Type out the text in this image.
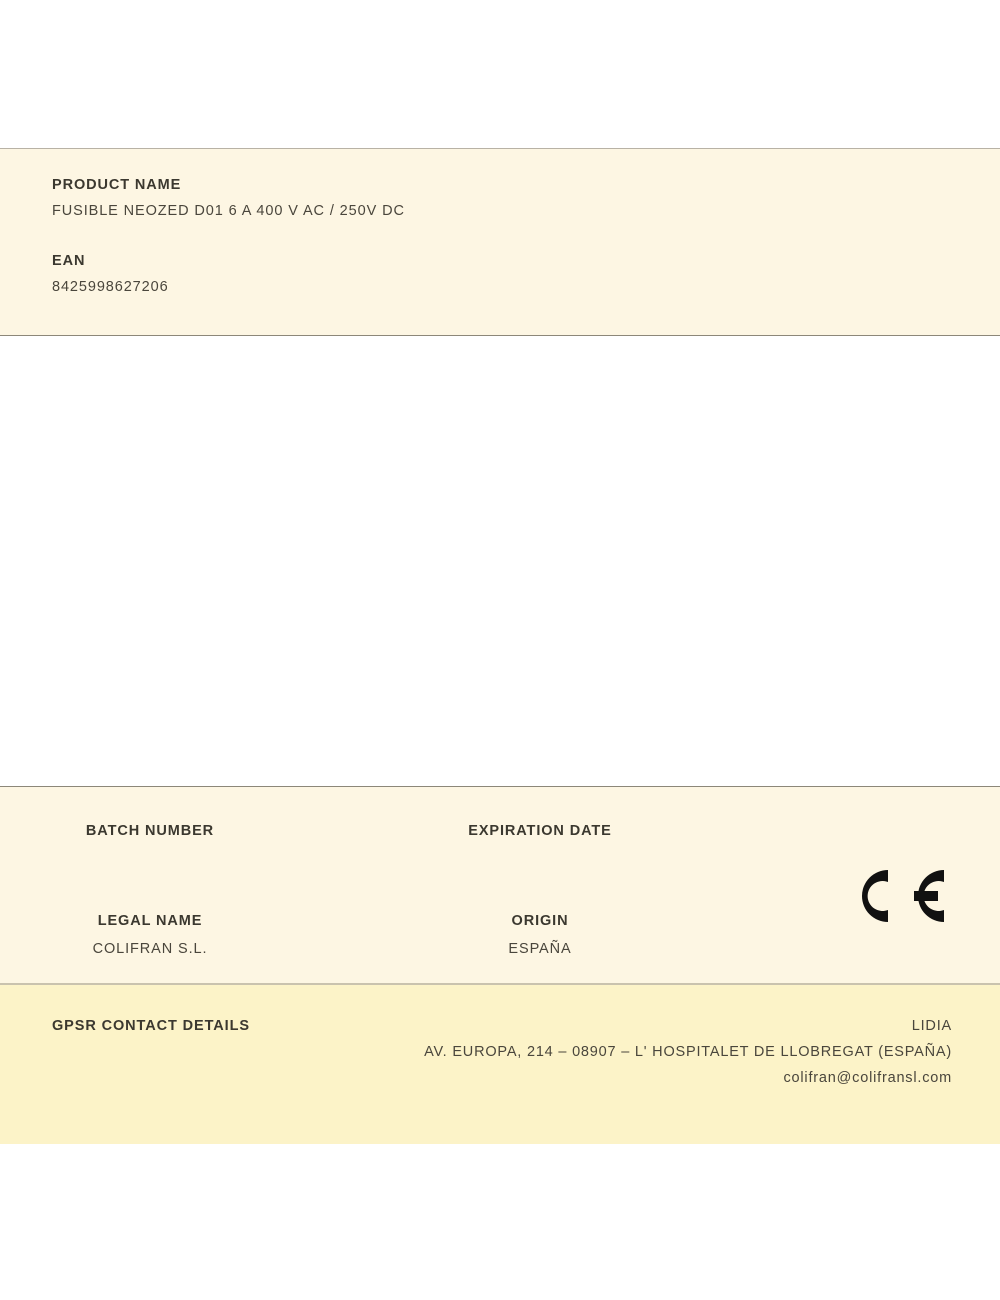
PRODUCT NAME
FUSIBLE NEOZED D01 6 A 400 V AC / 250V DC
EAN
8425998627206
BATCH NUMBER	EXPIRATION DATE
LEGAL NAME
COLIFRAN S.L.
ORIGIN
ESPAÑA
GPSR CONTACT DETAILS	LIDIA
AV. EUROPA, 214 – 08907 – L' HOSPITALET DE LLOBREGAT (ESPAÑA)
colifran@colifransl.com
